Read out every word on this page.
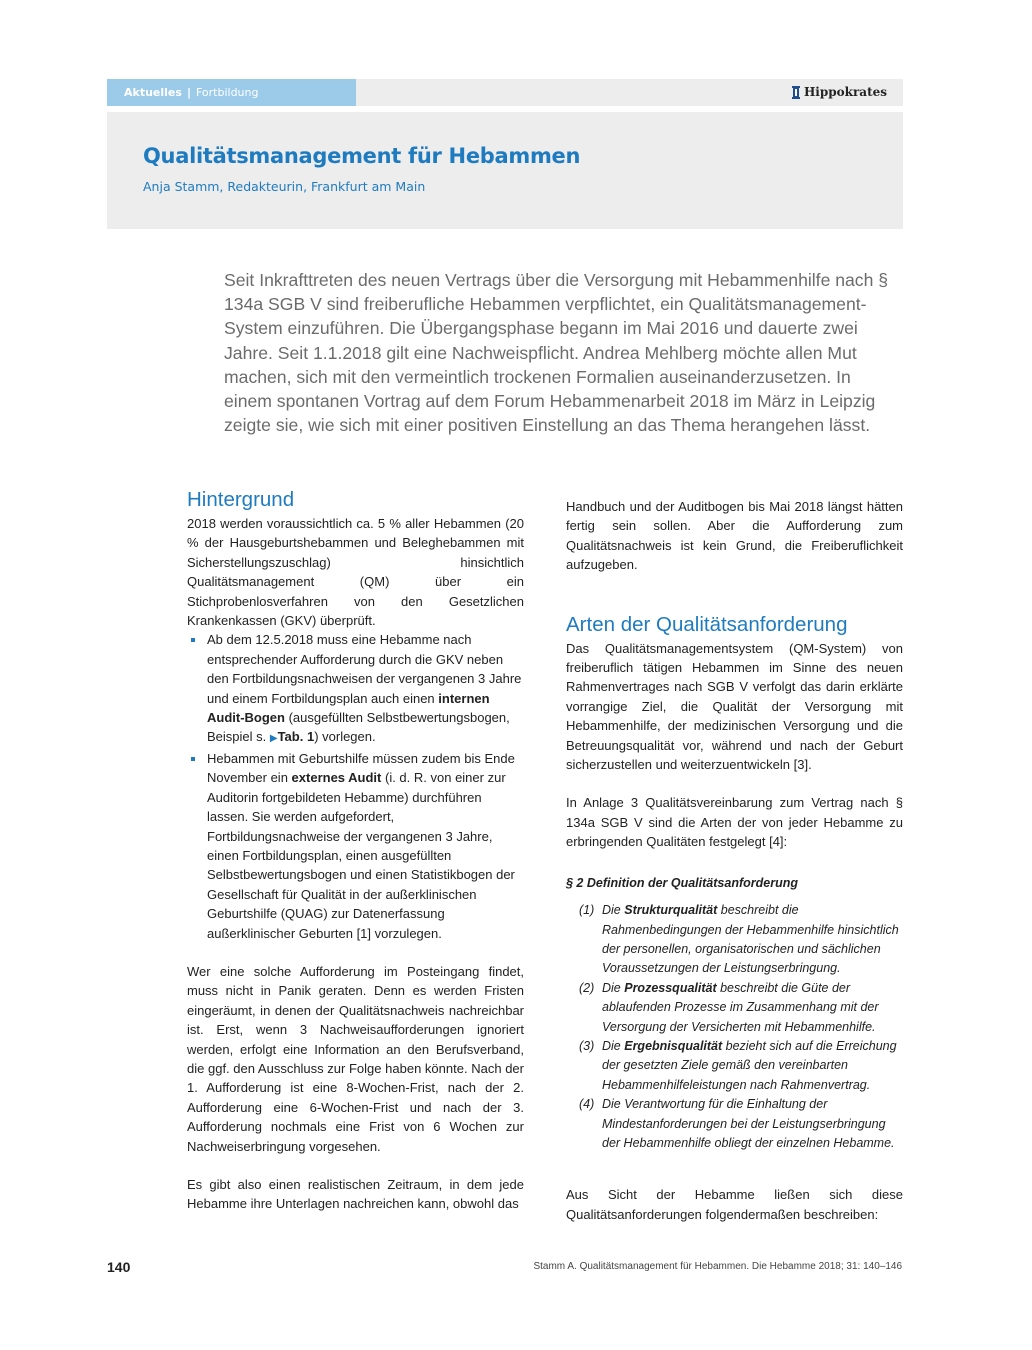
Aktuelles | Fortbildung	Hippokrates
Qualitätsmanagement für Hebammen
Anja Stamm, Redakteurin, Frankfurt am Main

Seit Inkrafttreten des neuen Vertrags über die Versorgung mit Hebammenhilfe nach § 134a SGB V sind freiberufliche Hebammen verpflichtet, ein Qualitätsmanagement-System einzuführen. Die Übergangsphase begann im Mai 2016 und dauerte zwei Jahre. Seit 1.1.2018 gilt eine Nachweispflicht. Andrea Mehlberg möchte allen Mut machen, sich mit den vermeintlich trockenen Formalien auseinanderzusetzen. In einem spontanen Vortrag auf dem Forum Hebammenarbeit 2018 im März in Leipzig zeigte sie, wie sich mit einer positiven Einstellung an das Thema herangehen lässt.

Hintergrund

2018 werden voraussichtlich ca. 5 % aller Hebammen (20 % der Hausgeburtshebammen und Beleghebammen mit Sicherstellungszuschlag) hinsichtlich Qualitätsmanagement (QM) über ein Stichprobenlosverfahren von den Gesetzlichen Krankenkassen (GKV) überprüft.

Ab dem 12.5.2018 muss eine Hebamme nach entsprechender Aufforderung durch die GKV neben den Fortbildungsnachweisen der vergangenen 3 Jahre und einem Fortbildungsplan auch einen internen Audit-Bogen (ausgefüllten Selbstbewertungsbogen, Beispiel s. ▶Tab. 1) vorlegen.
Hebammen mit Geburtshilfe müssen zudem bis Ende November ein externes Audit (i. d. R. von einer zur Auditorin fortgebildeten Hebamme) durchführen lassen. Sie werden aufgefordert, Fortbildungsnachweise der vergangenen 3 Jahre, einen Fortbildungsplan, einen ausgefüllten Selbstbewertungsbogen und einen Statistikbogen der Gesellschaft für Qualität in der außerklinischen Geburtshilfe (QUAG) zur Datenerfassung außerklinischer Geburten [1] vorzulegen.

Wer eine solche Aufforderung im Posteingang findet, muss nicht in Panik geraten. Denn es werden Fristen eingeräumt, in denen der Qualitätsnachweis nachreichbar ist. Erst, wenn 3 Nachweisaufforderungen ignoriert werden, erfolgt eine Information an den Berufsverband, die ggf. den Ausschluss zur Folge haben könnte. Nach der 1. Aufforderung ist eine 8-Wochen-Frist, nach der 2. Aufforderung eine 6-Wochen-Frist und nach der 3. Aufforderung nochmals eine Frist von 6 Wochen zur Nachweiserbringung vorgesehen.

Es gibt also einen realistischen Zeitraum, in dem jede Hebamme ihre Unterlagen nachreichen kann, obwohl das

Handbuch und der Auditbogen bis Mai 2018 längst hätten fertig sein sollen. Aber die Aufforderung zum Qualitätsnachweis ist kein Grund, die Freiberuflichkeit aufzugeben.

Arten der Qualitätsanforderung

Das Qualitätsmanagementsystem (QM-System) von freiberuflich tätigen Hebammen im Sinne des neuen Rahmenvertrages nach SGB V verfolgt das darin erklärte vorrangige Ziel, die Qualität der Versorgung mit Hebammenhilfe, der medizinischen Versorgung und die Betreuungsqualität vor, während und nach der Geburt sicherzustellen und weiterzuentwickeln [3].

In Anlage 3 Qualitätsvereinbarung zum Vertrag nach § 134a SGB V sind die Arten der von jeder Hebamme zu erbringenden Qualitäten festgelegt [4]:

§ 2 Definition der Qualitätsanforderung

(1) Die Strukturqualität beschreibt die Rahmenbedingungen der Hebammenhilfe hinsichtlich der personellen, organisatorischen und sächlichen Voraussetzungen der Leistungserbringung.
(2) Die Prozessqualität beschreibt die Güte der ablaufenden Prozesse im Zusammenhang mit der Versorgung der Versicherten mit Hebammenhilfe.
(3) Die Ergebnisqualität bezieht sich auf die Erreichung der gesetzten Ziele gemäß den vereinbarten Hebammenhilfeleistungen nach Rahmenvertrag.
(4) Die Verantwortung für die Einhaltung der Mindestanforderungen bei der Leistungserbringung der Hebammenhilfe obliegt der einzelnen Hebamme.

Aus Sicht der Hebamme ließen sich diese Qualitätsanforderungen folgendermaßen beschreiben:

140	Stamm A. Qualitätsmanagement für Hebammen. Die Hebamme 2018; 31: 140–146
